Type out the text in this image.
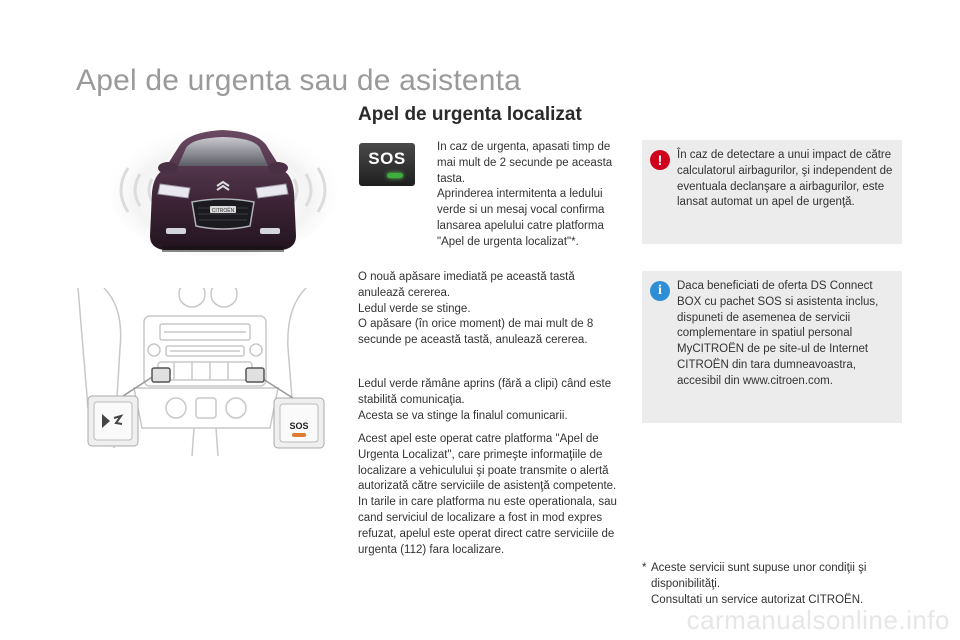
Apel de urgenta sau de asistenta
Apel de urgenta localizat
CITROËN
SOS

In caz de urgenta, apasati timp de mai mult de 2 secunde pe aceasta tasta.

Aprinderea intermitenta a ledului verde si un mesaj vocal confirma lansarea apelului catre platforma "Apel de urgenta localizat"*.

O nouă apăsare imediată pe această tastă anulează cererea.

Ledul verde se stinge.

O apăsare (în orice moment) de mai mult de 8 secunde pe această tastă, anulează cererea.

Ledul verde rămâne aprins (fără a clipi) când este stabilită comunicaţia.

Acesta se va stinge la finalul comunicarii.

Acest apel este operat catre platforma "Apel de Urgenta Localizat", care primeşte informaţiile de localizare a vehiculului şi poate transmite o alertă autorizată către serviciile de asistenţă competente.

In tarile in care platforma nu este operationala, sau cand serviciul de localizare a fost in mod expres refuzat, apelul este operat direct catre serviciile de urgenta (112) fara localizare.

SOS
!	În caz de detectare a unui impact de către calculatorul airbagurilor, şi independent de eventuala declanşare a airbagurilor, este lansat automat un apel de urgenţă.

i	Daca beneficiati de oferta DS Connect BOX cu pachet SOS si asistenta inclus, dispuneti de asemenea de servicii complementare in spatiul personal MyCITROËN de pe site-ul de Internet CITROËN din tara dumneavoastra, accesibil din www.citroen.com.

* Aceste servicii sunt supuse unor condiţii şi disponibilităţi.

Consultati un service autorizat CITROËN.

carmanualsonline.info
